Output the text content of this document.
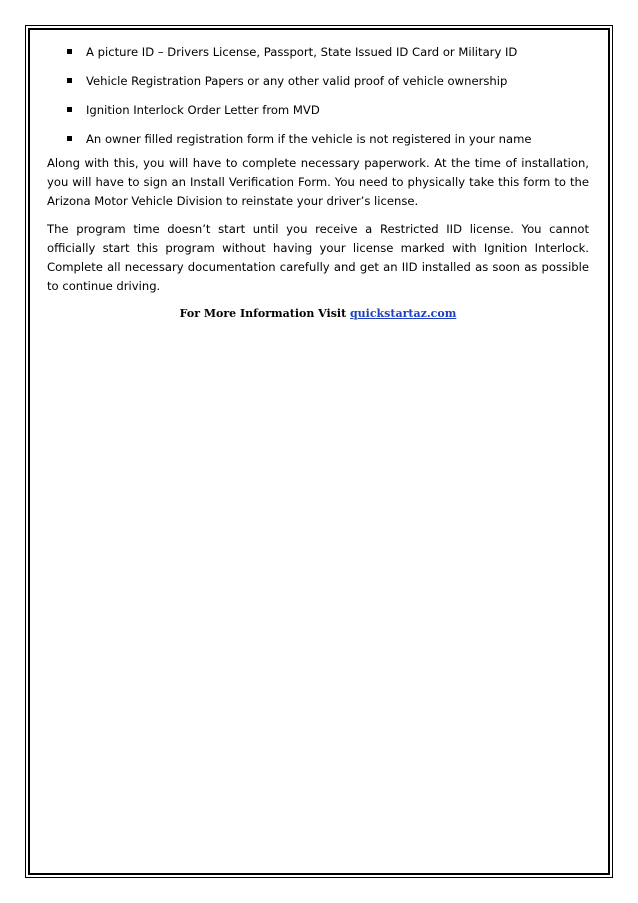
A picture ID – Drivers License, Passport, State Issued ID Card or Military ID
Vehicle Registration Papers or any other valid proof of vehicle ownership
Ignition Interlock Order Letter from MVD
An owner filled registration form if the vehicle is not registered in your name

Along with this, you will have to complete necessary paperwork. At the time of installation, you will have to sign an Install Verification Form. You need to physically take this form to the Arizona Motor Vehicle Division to reinstate your driver’s license.

The program time doesn’t start until you receive a Restricted IID license. You cannot officially start this program without having your license marked with Ignition Interlock. Complete all necessary documentation carefully and get an IID installed as soon as possible to continue driving.

For More Information Visit quickstartaz.com
